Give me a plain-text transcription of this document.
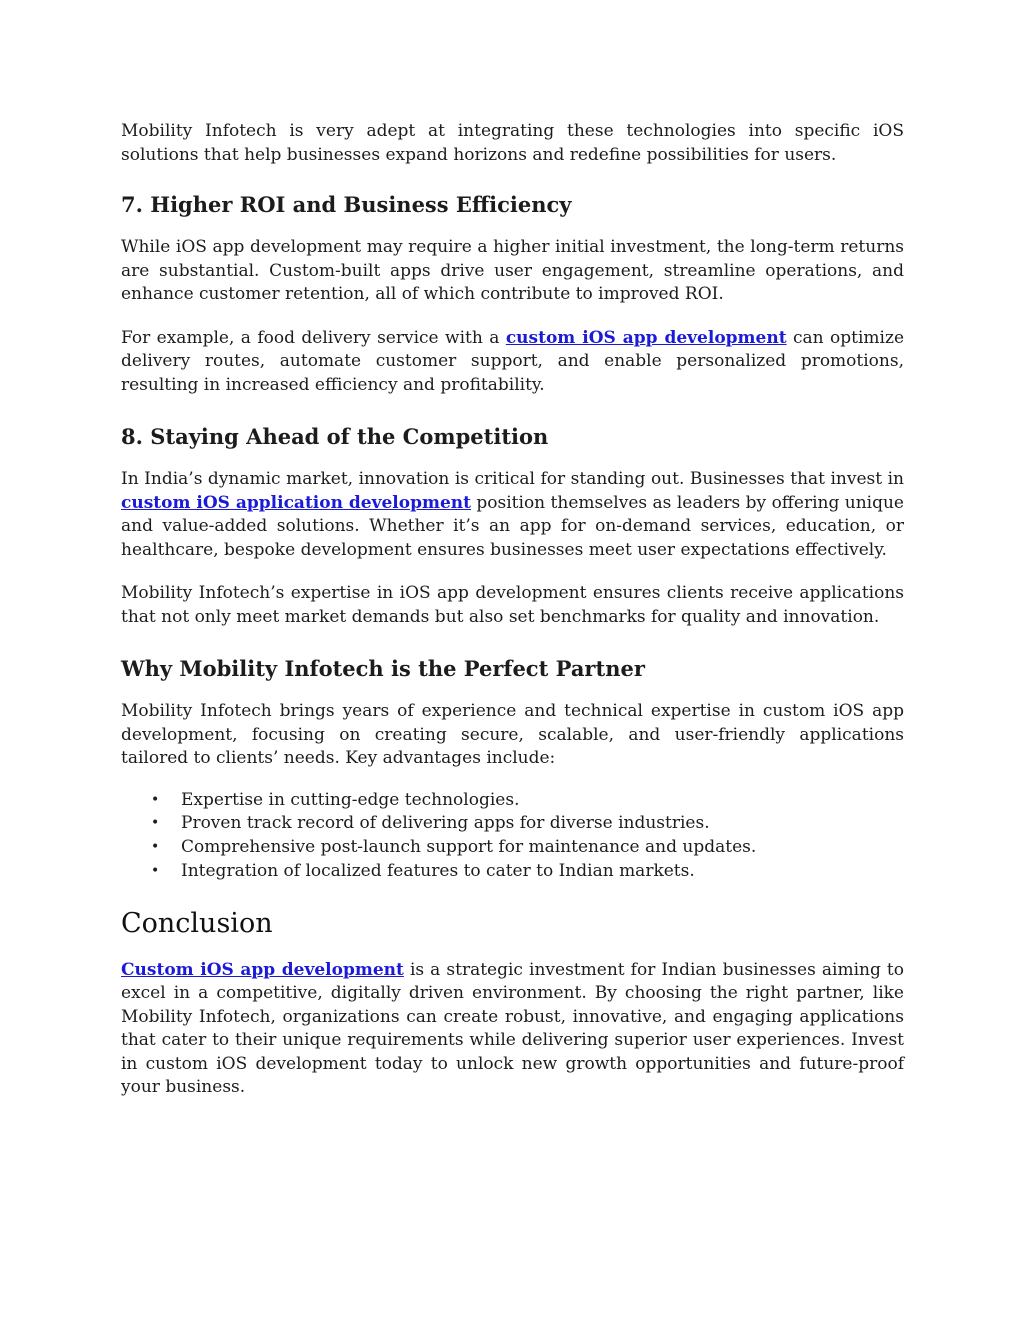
Mobility Infotech is very adept at integrating these technologies into specific iOS solutions that help businesses expand horizons and redefine possibilities for users.

7. Higher ROI and Business Efficiency

While iOS app development may require a higher initial investment, the long-term returns are substantial. Custom-built apps drive user engagement, streamline operations, and enhance customer retention, all of which contribute to improved ROI.

For example, a food delivery service with a custom iOS app development can optimize delivery routes, automate customer support, and enable personalized promotions, resulting in increased efficiency and profitability.

8. Staying Ahead of the Competition

In India’s dynamic market, innovation is critical for standing out. Businesses that invest in custom iOS application development position themselves as leaders by offering unique and value-added solutions. Whether it’s an app for on-demand services, education, or healthcare, bespoke development ensures businesses meet user expectations effectively.

Mobility Infotech’s expertise in iOS app development ensures clients receive applications that not only meet market demands but also set benchmarks for quality and innovation.

Why Mobility Infotech is the Perfect Partner

Mobility Infotech brings years of experience and technical expertise in custom iOS app development, focusing on creating secure, scalable, and user-friendly applications tailored to clients’ needs. Key advantages include:

• Expertise in cutting-edge technologies.
• Proven track record of delivering apps for diverse industries.
• Comprehensive post-launch support for maintenance and updates.
• Integration of localized features to cater to Indian markets.
Conclusion

Custom iOS app development is a strategic investment for Indian businesses aiming to excel in a competitive, digitally driven environment. By choosing the right partner, like Mobility Infotech, organizations can create robust, innovative, and engaging applications that cater to their unique requirements while delivering superior user experiences. Invest in custom iOS development today to unlock new growth opportunities and future-proof your business.
